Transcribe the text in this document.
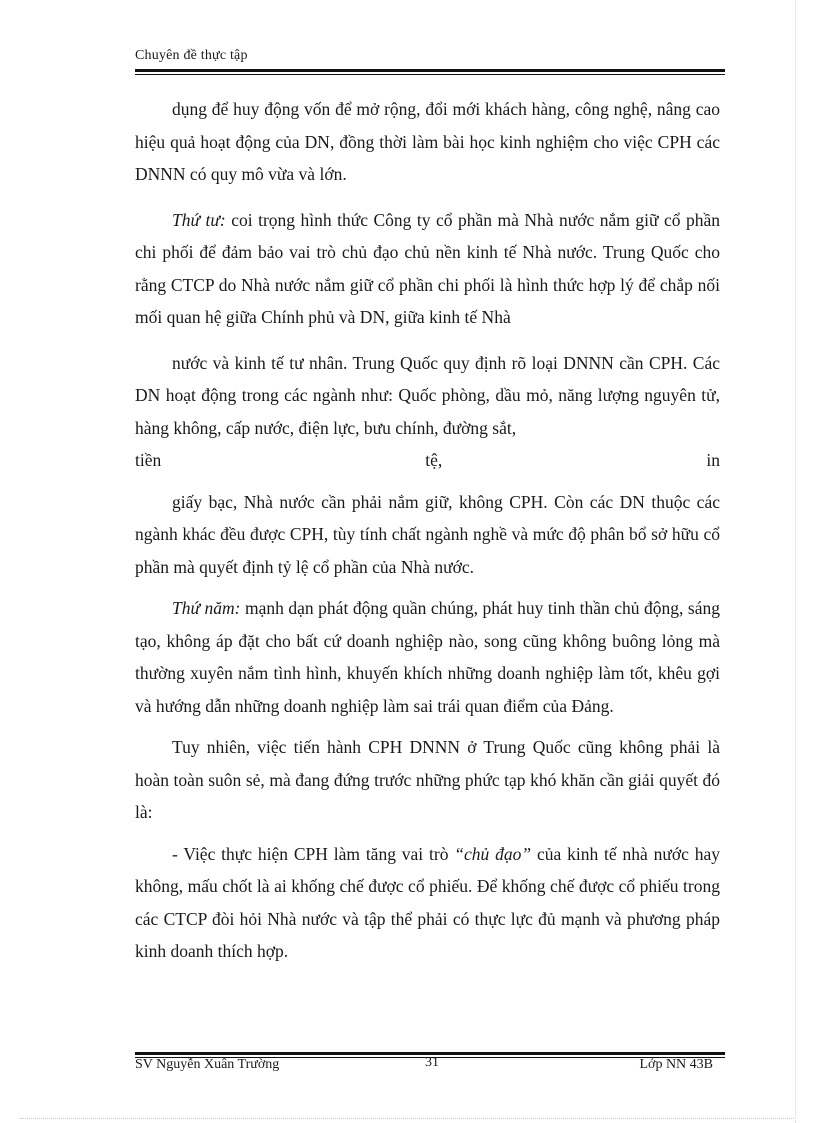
Chuyên đề thực tập

dụng để huy động vốn để mở rộng, đổi mới khách hàng, công nghệ, nâng cao hiệu quả hoạt động của DN, đồng thời làm bài học kinh nghiệm cho việc CPH các DNNN có quy mô vừa và lớn.

Thứ tư: coi trọng hình thức Công ty cổ phần mà Nhà nước nắm giữ cổ phần chi phối để đảm bảo vai trò chủ đạo chủ nền kinh tế Nhà nước. Trung Quốc cho rằng CTCP do Nhà nước nắm giữ cổ phần chi phối là hình thức hợp lý để chắp nối mối quan hệ giữa Chính phủ và DN, giữa kinh tế Nhà

nước và kinh tế tư nhân. Trung Quốc quy định rõ loại DNNN cần CPH. Các DN hoạt động trong các ngành như: Quốc phòng, dầu mỏ, năng lượng nguyên tử, hàng không, cấp nước, điện lực, bưu chính, đường sắt,

tiền	tệ,	in

giấy bạc, Nhà nước cần phải nắm giữ, không CPH. Còn các DN thuộc các ngành khác đều được CPH, tùy tính chất ngành nghề và mức độ phân bổ sở hữu cổ phần mà quyết định tỷ lệ cổ phần của Nhà nước.

Thứ năm: mạnh dạn phát động quần chúng, phát huy tinh thần chủ động, sáng tạo, không áp đặt cho bất cứ doanh nghiệp nào, song cũng không buông lỏng mà thường xuyên nắm tình hình, khuyến khích những doanh nghiệp làm tốt, khêu gợi và hướng dẫn những doanh nghiệp làm sai trái quan điểm của Đảng.

Tuy nhiên, việc tiến hành CPH DNNN ở Trung Quốc cũng không phải là hoàn toàn suôn sẻ, mà đang đứng trước những phức tạp khó khăn cần giải quyết đó là:

- Việc thực hiện CPH làm tăng vai trò “chủ đạo” của kinh tế nhà nước hay không, mấu chốt là ai khống chế được cổ phiếu. Để khống chế được cổ phiếu trong các CTCP đòi hỏi Nhà nước và tập thể phải có thực lực đủ mạnh và phương pháp kinh doanh thích hợp.

SV Nguyễn Xuân Trường	31	Lớp NN 43B
